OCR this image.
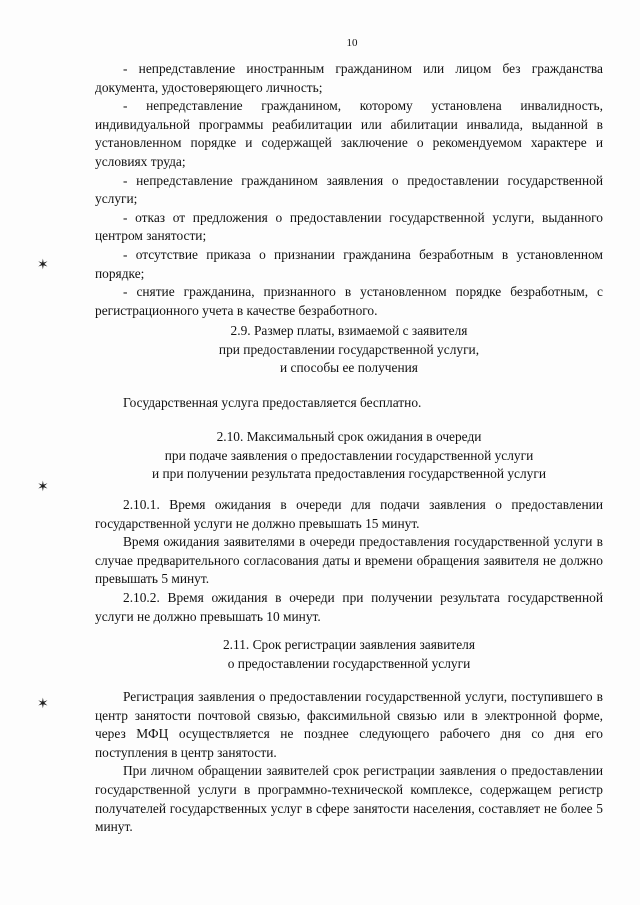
10
✶
✶
✶

- непредставление иностранным гражданином или лицом без гражданства документа, удостоверяющего личность;

- непредставление гражданином, которому установлена инвалидность, индивидуальной программы реабилитации или абилитации инвалида, выданной в установленном порядке и содержащей заключение о рекомендуемом характере и условиях труда;

- непредставление гражданином заявления о предоставлении государственной услуги;

- отказ от предложения о предоставлении государственной услуги, выданного центром занятости;

- отсутствие приказа о признании гражданина безработным в установленном порядке;

- снятие гражданина, признанного в установленном порядке безработным, с регистрационного учета в качестве безработного.

2.9. Размер платы, взимаемой с заявителя
при предоставлении государственной услуги,
и способы ее получения

Государственная услуга предоставляется бесплатно.

2.10. Максимальный срок ожидания в очереди
при подаче заявления о предоставлении государственной услуги
и при получении результата предоставления государственной услуги

2.10.1. Время ожидания в очереди для подачи заявления о предоставлении государственной услуги не должно превышать 15 минут.

Время ожидания заявителями в очереди предоставления государственной услуги в случае предварительного согласования даты и времени обращения заявителя не должно превышать 5 минут.

2.10.2. Время ожидания в очереди при получении результата государственной услуги не должно превышать 10 минут.

2.11. Срок регистрации заявления заявителя
о предоставлении государственной услуги

Регистрация заявления о предоставлении государственной услуги, поступившего в центр занятости почтовой связью, факсимильной связью или в электронной форме, через МФЦ осуществляется не позднее следующего рабочего дня со дня его поступления в центр занятости.

При личном обращении заявителей срок регистрации заявления о предоставлении государственной услуги в программно-технической комплексе, содержащем регистр получателей государственных услуг в сфере занятости населения, составляет не более 5 минут.
